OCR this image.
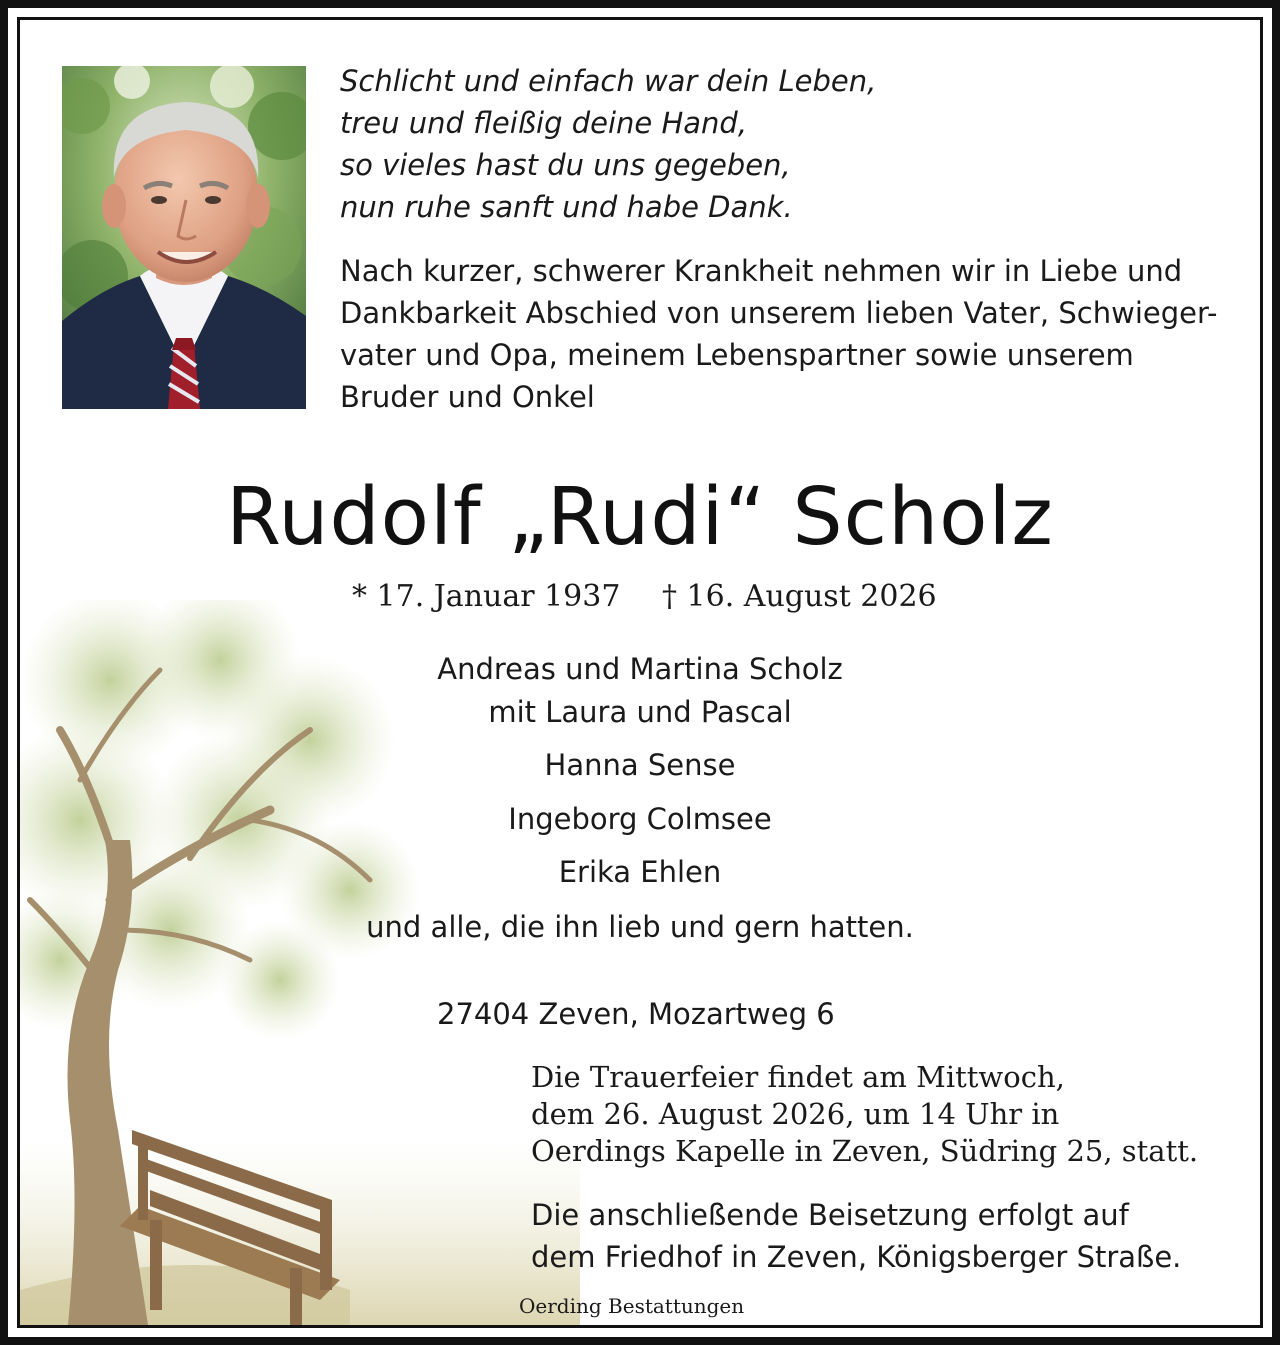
Schlicht und einfach war dein Leben,
treu und fleißig deine Hand,
so vieles hast du uns gegeben,
nun ruhe sanft und habe Dank.
Nach kurzer, schwerer Krankheit nehmen wir in Liebe und
Dankbarkeit Abschied von unserem lieben Vater, Schwieger-
vater und Opa, meinem Lebenspartner sowie unserem
Bruder und Onkel
Rudolf „Rudi“ Scholz
* 17. Januar 1937 † 16. August 2026
Andreas und Martina Scholz
mit Laura und Pascal
Hanna Sense
Ingeborg Colmsee
Erika Ehlen
und alle, die ihn lieb und gern hatten.
27404 Zeven, Mozartweg 6
Die Trauerfeier findet am Mittwoch,
dem 26. August 2026, um 14 Uhr in
Oerdings Kapelle in Zeven, Südring 25, statt.
Die anschließende Beisetzung erfolgt auf
dem Friedhof in Zeven, Königsberger Straße.
Oerding Bestattungen
